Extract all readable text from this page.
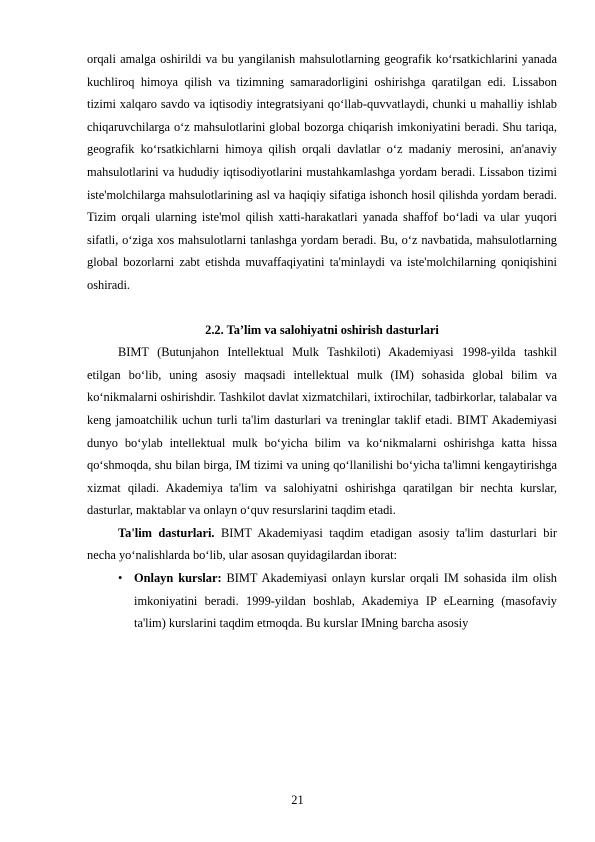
orqali amalga oshirildi va bu yangilanish mahsulotlarning geografik ko‘rsatkichlarini yanada kuchliroq himoya qilish va tizimning samaradorligini oshirishga qaratilgan edi. Lissabon tizimi xalqaro savdo va iqtisodiy integratsiyani qo‘llab-quvvatlaydi, chunki u mahalliy ishlab chiqaruvchilarga o‘z mahsulotlarini global bozorga chiqarish imkoniyatini beradi. Shu tariqa, geografik ko‘rsatkichlarni himoya qilish orqali davlatlar o‘z madaniy merosini, an'anaviy mahsulotlarini va hududiy iqtisodiyotlarini mustahkamlashga yordam beradi. Lissabon tizimi iste'molchilarga mahsulotlarining asl va haqiqiy sifatiga ishonch hosil qilishda yordam beradi. Tizim orqali ularning iste'mol qilish xatti-harakatlari yanada shaffof bo‘ladi va ular yuqori sifatli, o‘ziga xos mahsulotlarni tanlashga yordam beradi. Bu, o‘z navbatida, mahsulotlarning global bozorlarni zabt etishda muvaffaqiyatini ta'minlaydi va iste'molchilarning qoniqishini oshiradi.

2.2. Ta’lim va salohiyatni oshirish dasturlari

BIMT (Butunjahon Intellektual Mulk Tashkiloti) Akademiyasi 1998-yilda tashkil etilgan bo‘lib, uning asosiy maqsadi intellektual mulk (IM) sohasida global bilim va ko‘nikmalarni oshirishdir. Tashkilot davlat xizmatchilari, ixtirochilar, tadbirkorlar, talabalar va keng jamoatchilik uchun turli ta'lim dasturlari va treninglar taklif etadi. BIMT Akademiyasi dunyo bo‘ylab intellektual mulk bo‘yicha bilim va ko‘nikmalarni oshirishga katta hissa qo‘shmoqda, shu bilan birga, IM tizimi va uning qo‘llanilishi bo‘yicha ta'limni kengaytirishga xizmat qiladi. Akademiya ta'lim va salohiyatni oshirishga qaratilgan bir nechta kurslar, dasturlar, maktablar va onlayn o‘quv resurslarini taqdim etadi.

Ta'lim dasturlari. BIMT Akademiyasi taqdim etadigan asosiy ta'lim dasturlari bir necha yo‘nalishlarda bo‘lib, ular asosan quyidagilardan iborat:

• Onlayn kurslar: BIMT Akademiyasi onlayn kurslar orqali IM sohasida ilm olish imkoniyatini beradi. 1999-yildan boshlab, Akademiya IP eLearning (masofaviy ta'lim) kurslarini taqdim etmoqda. Bu kurslar IMning barcha asosiy
21
